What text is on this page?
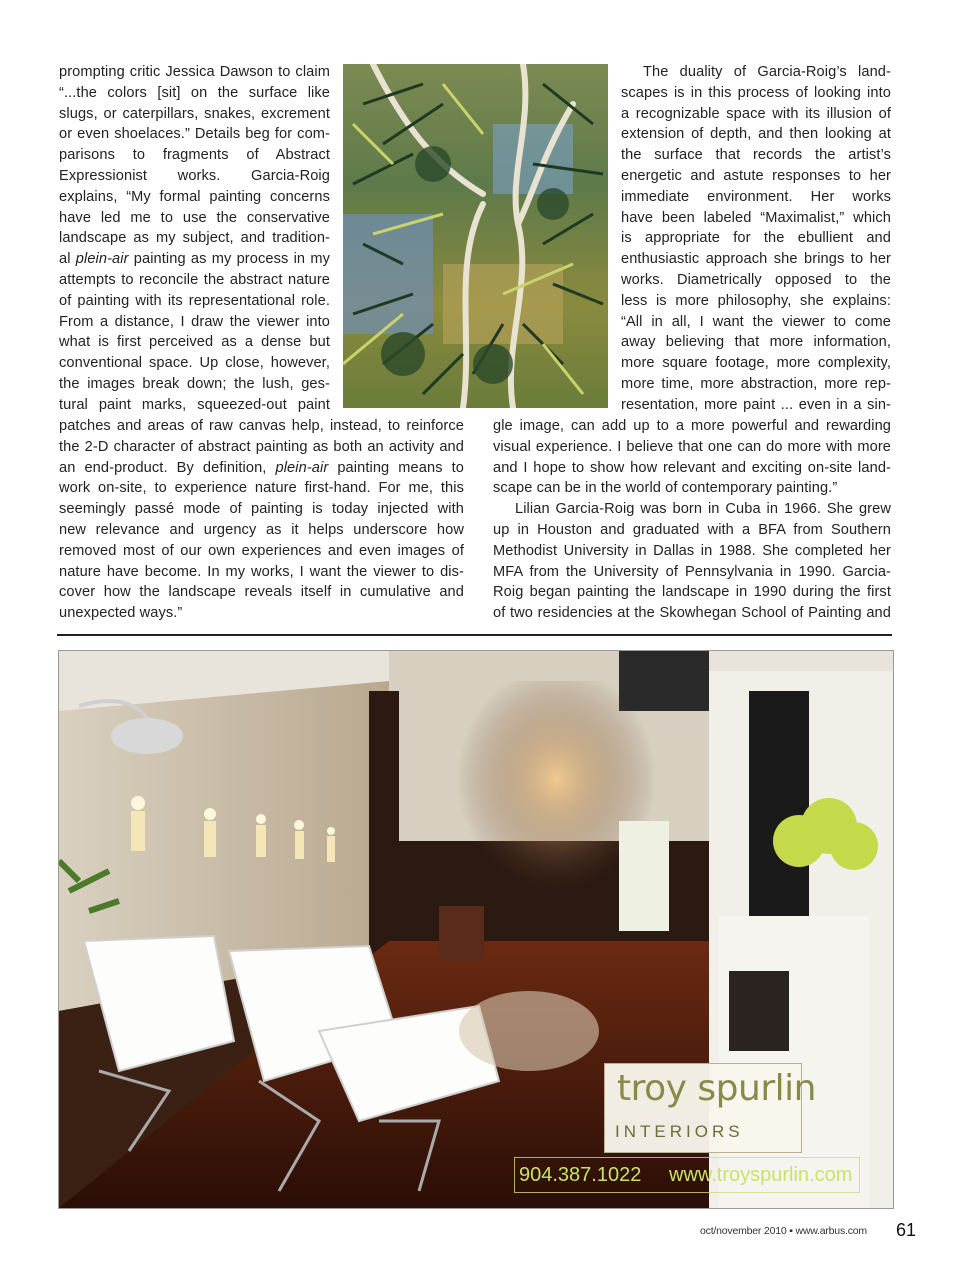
prompting critic Jessica Dawson to claim
“...the colors [sit] on the surface like
slugs, or caterpillars, snakes, excrement
or even shoelaces.” Details beg for com-
parisons to fragments of Abstract
Expressionist works. Garcia-Roig
explains, “My formal painting concerns
have led me to use the conservative
landscape as my subject, and tradition-
al plein-air painting as my process in my
attempts to reconcile the abstract nature
of painting with its representational role.
From a distance, I draw the viewer into
what is first perceived as a dense but
conventional space. Up close, however,
the images break down; the lush, ges-
tural paint marks, squeezed-out paint
The duality of Garcia-Roig’s land-
scapes is in this process of looking into
a recognizable space with its illusion of
extension of depth, and then looking at
the surface that records the artist’s
energetic and astute responses to her
immediate environment. Her works
have been labeled “Maximalist,” which
is appropriate for the ebullient and
enthusiastic approach she brings to her
works. Diametrically opposed to the
less is more philosophy, she explains:
“All in all, I want the viewer to come
away believing that more information,
more square footage, more complexity,
more time, more abstraction, more rep-
resentation, more paint ... even in a sin-
patches and areas of raw canvas help, instead, to reinforce
the 2-D character of abstract painting as both an activity and
an end-product. By definition, plein-air painting means to
work on-site, to experience nature first-hand. For me, this
seemingly passé mode of painting is today injected with
new relevance and urgency as it helps underscore how
removed most of our own experiences and even images of
nature have become. In my works, I want the viewer to dis-
cover how the landscape reveals itself in cumulative and
unexpected ways.”
gle image, can add up to a more powerful and rewarding
visual experience. I believe that one can do more with more
and I hope to show how relevant and exciting on-site land-
scape can be in the world of contemporary painting.”
Lilian Garcia-Roig was born in Cuba in 1966. She grew
up in Houston and graduated with a BFA from Southern
Methodist University in Dallas in 1988. She completed her
MFA from the University of Pennsylvania in 1990. Garcia-
Roig began painting the landscape in 1990 during the first
of two residencies at the Skowhegan School of Painting and
troy spurlin
INTERIORS
904.387.1022 www.troyspurlin.com
oct/november 2010 ▪ www.arbus.com 61
